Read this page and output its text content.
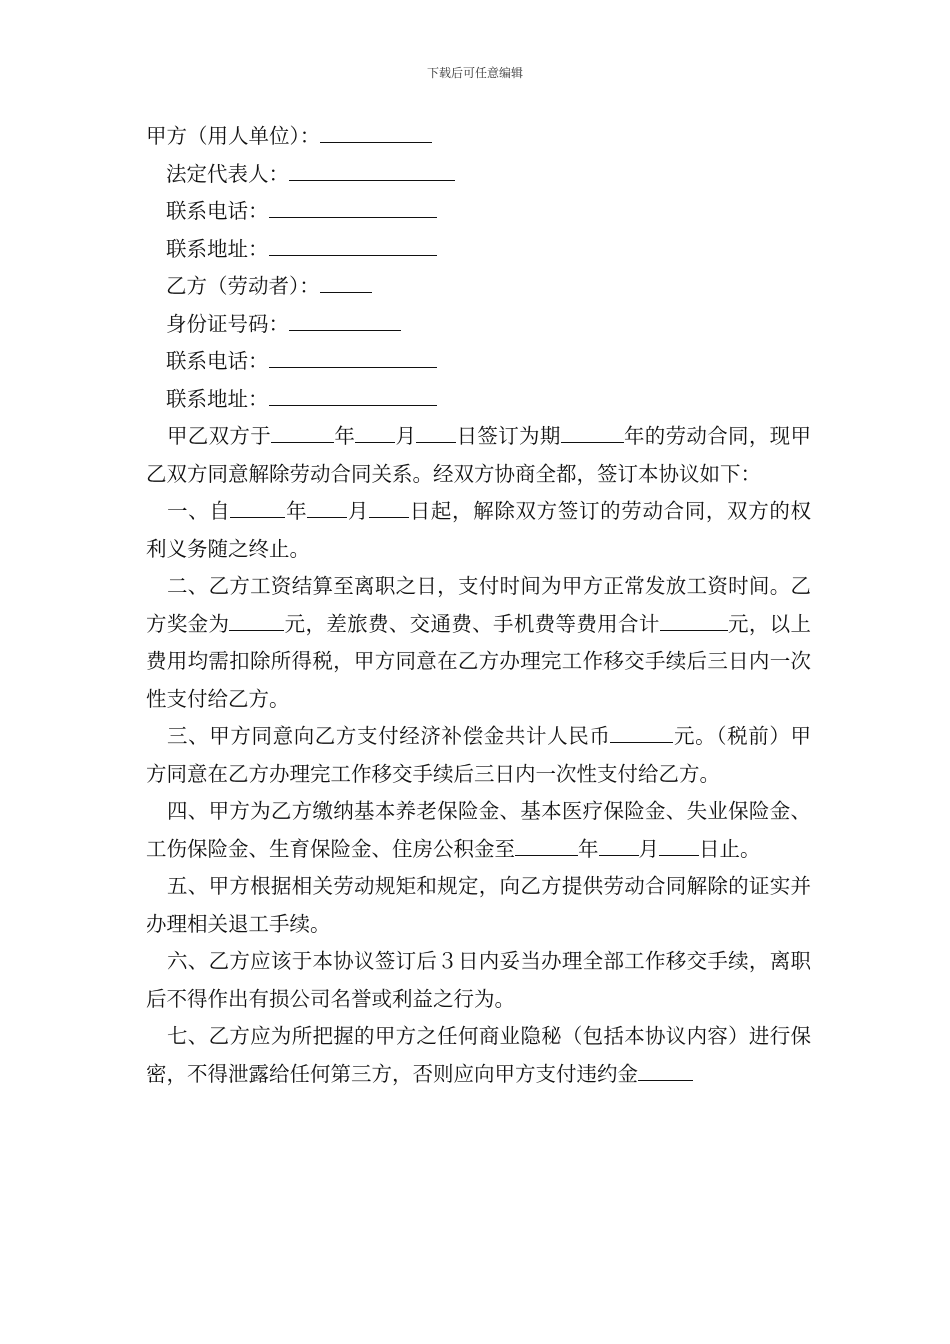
下载后可任意编辑
甲方（用人单位）：
法定代表人：
联系电话：
联系地址：
乙方（劳动者）：
身份证号码：
联系电话：
联系地址：

甲乙双方于	年 月 日签订为期	年的劳动合同，现甲乙双方同意解除劳动合同关系。经双方协商全都，签订本协议如下：

一、自	年 月 日起，解除双方签订的劳动合同，双方的权利义务随之终止。

二、乙方工资结算至离职之日，支付时间为甲方正常发放工资时间。乙方奖金为	元，差旅费、交通费、手机费等费用合计	元，以上费用均需扣除所得税，甲方同意在乙方办理完工作移交手续后三日内一次性支付给乙方。

三、甲方同意向乙方支付经济补偿金共计人民币	元。（税前）甲方同意在乙方办理完工作移交手续后三日内一次性支付给乙方。

四、甲方为乙方缴纳基本养老保险金、基本医疗保险金、失业保险金、工伤保险金、生育保险金、住房公积金至	年 月 日止。

五、甲方根据相关劳动规矩和规定，向乙方提供劳动合同解除的证实并办理相关退工手续。

六、乙方应该于本协议签订后３日内妥当办理全部工作移交手续，离职后不得作出有损公司名誉或利益之行为。

七、乙方应为所把握的甲方之任何商业隐秘（包括本协议内容）进行保密，不得泄露给任何第三方，否则应向甲方支付违约金
